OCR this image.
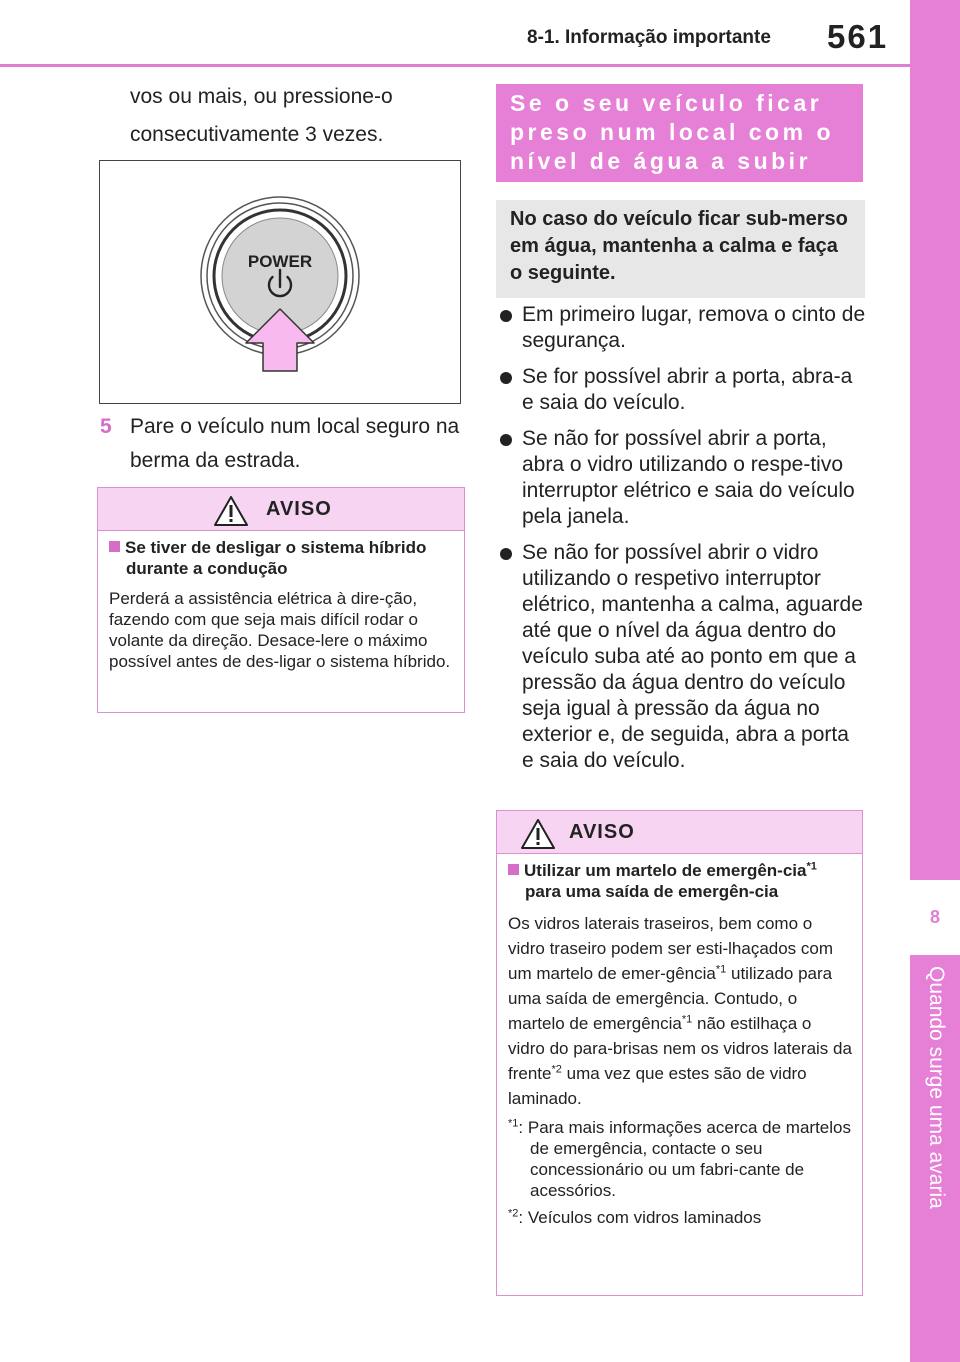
8-1. Informação importante 561
8
Quando surge uma avaria
vos ou mais, ou pressione-o consecutivamente 3 vezes.
POWER
5 Pare o veículo num local seguro na berma da estrada.
AVISO
Se tiver de desligar o sistema híbrido durante a condução

Perderá a assistência elétrica à dire-ção, fazendo com que seja mais difícil rodar o volante da direção. Desace-lere o máximo possível antes de des-ligar o sistema híbrido.

Se o seu veículo ficar preso num local com o nível de água a subir
No caso do veículo ficar sub-merso em água, mantenha a calma e faça o seguinte.
Em primeiro lugar, remova o cinto de segurança.
Se for possível abrir a porta, abra-a e saia do veículo.
Se não for possível abrir a porta, abra o vidro utilizando o respe-tivo interruptor elétrico e saia do veículo pela janela.
Se não for possível abrir o vidro utilizando o respetivo interruptor elétrico, mantenha a calma, aguarde até que o nível da água dentro do veículo suba até ao ponto em que a pressão da água dentro do veículo seja igual à pressão da água no exterior e, de seguida, abra a porta e saia do veículo.
AVISO
Utilizar um martelo de emergên-cia$^{*1}$ para uma saída de emergên-cia

Os vidros laterais traseiros, bem como o vidro traseiro podem ser esti-lhaçados com um martelo de emer-gência$^{*1}$ utilizado para uma saída de emergência. Contudo, o martelo de emergência$^{*1}$ não estilhaça o vidro do para-brisas nem os vidros laterais da frente$^{*2}$ uma vez que estes são de vidro laminado.

$^{*1}$: Para mais informações acerca de martelos de emergência, contacte o seu concessionário ou um fabri-cante de acessórios.
$^{*2}$: Veículos com vidros laminados
